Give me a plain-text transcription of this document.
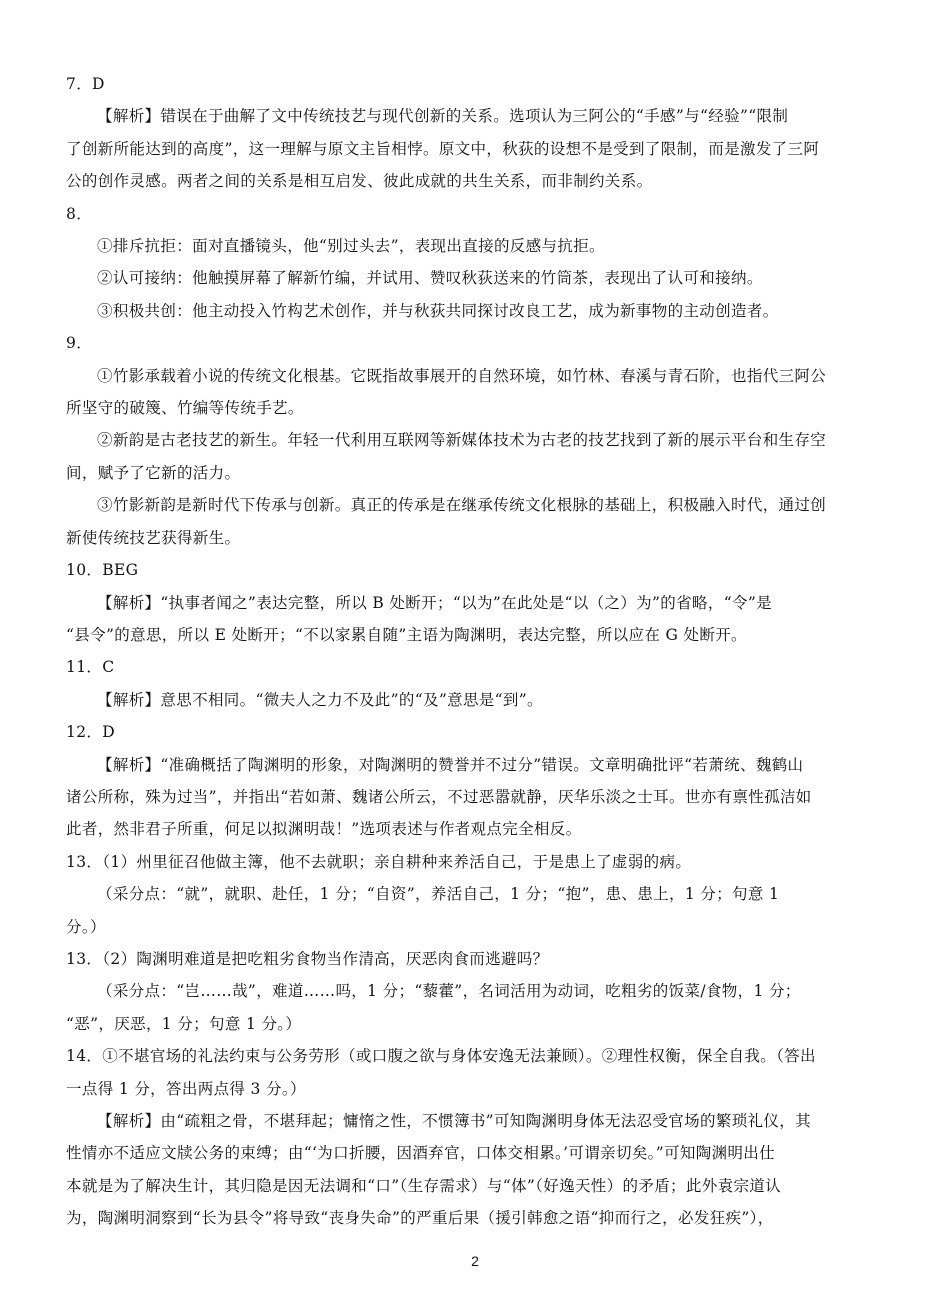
7．D
【解析】错误在于曲解了文中传统技艺与现代创新的关系。选项认为三阿公的“手感”与“经验”“限制
了创新所能达到的高度”，这一理解与原文主旨相悖。原文中，秋荻的设想不是受到了限制，而是激发了三阿
公的创作灵感。两者之间的关系是相互启发、彼此成就的共生关系，而非制约关系。
8．
①排斥抗拒：面对直播镜头，他“别过头去”，表现出直接的反感与抗拒。
②认可接纳：他触摸屏幕了解新竹编，并试用、赞叹秋荻送来的竹筒茶，表现出了认可和接纳。
③积极共创：他主动投入竹构艺术创作，并与秋荻共同探讨改良工艺，成为新事物的主动创造者。
9．
①竹影承载着小说的传统文化根基。它既指故事展开的自然环境，如竹林、春溪与青石阶，也指代三阿公
所坚守的破篾、竹编等传统手艺。
②新韵是古老技艺的新生。年轻一代利用互联网等新媒体技术为古老的技艺找到了新的展示平台和生存空
间，赋予了它新的活力。
③竹影新韵是新时代下传承与创新。真正的传承是在继承传统文化根脉的基础上，积极融入时代，通过创
新使传统技艺获得新生。
10．BEG
【解析】“执事者闻之”表达完整，所以 B 处断开；“以为”在此处是“以（之）为”的省略，“令”是
“县令”的意思，所以 E 处断开；“不以家累自随”主语为陶渊明，表达完整，所以应在 G 处断开。
11．C
【解析】意思不相同。“微夫人之力不及此”的“及”意思是“到”。
12．D
【解析】“准确概括了陶渊明的形象，对陶渊明的赞誉并不过分”错误。文章明确批评“若萧统、魏鹤山
诸公所称，殊为过当”，并指出“若如萧、魏诸公所云，不过恶嚣就静，厌华乐淡之士耳。世亦有禀性孤洁如
此者，然非君子所重，何足以拟渊明哉！”选项表述与作者观点完全相反。
13．（1）州里征召他做主簿，他不去就职；亲自耕种来养活自己，于是患上了虚弱的病。
（采分点：“就”，就职、赴任，1 分；“自资”，养活自己，1 分；“抱”，患、患上，1 分；句意 1
分。）
13．（2）陶渊明难道是把吃粗劣食物当作清高，厌恶肉食而逃避吗？
（采分点：“岂……哉”，难道……吗，1 分；“藜藿”，名词活用为动词，吃粗劣的饭菜/食物，1 分；
“恶”，厌恶，1 分；句意 1 分。）
14．①不堪官场的礼法约束与公务劳形（或口腹之欲与身体安逸无法兼顾）。②理性权衡，保全自我。（答出
一点得 1 分，答出两点得 3 分。）
【解析】由“疏粗之骨，不堪拜起；慵惰之性，不惯簿书”可知陶渊明身体无法忍受官场的繁琐礼仪，其
性情亦不适应文牍公务的束缚；由“‘为口折腰，因酒弃官，口体交相累。’可谓亲切矣。”可知陶渊明出仕
本就是为了解决生计，其归隐是因无法调和“口”（生存需求）与“体”（好逸天性）的矛盾；此外袁宗道认
为，陶渊明洞察到“长为县令”将导致“丧身失命”的严重后果（援引韩愈之语“抑而行之，必发狂疾”），
2
